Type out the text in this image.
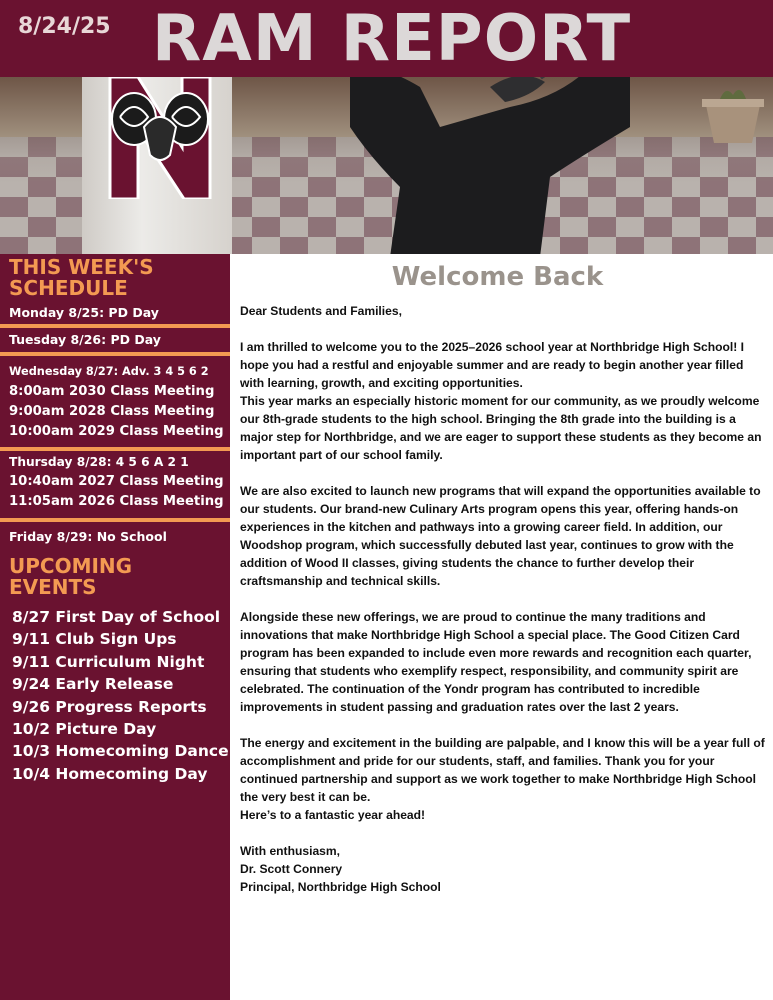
8/24/25 RAM REPORT
THIS WEEK'S
SCHEDULE
Monday 8/25: PD Day
Tuesday 8/26: PD Day
Wednesday 8/27: Adv. 3 4 5 6 2
8:00am 2030 Class Meeting
9:00am 2028 Class Meeting
10:00am 2029 Class Meeting
Thursday 8/28: 4 5 6 A 2 1
10:40am 2027 Class Meeting
11:05am 2026 Class Meeting
Friday 8/29: No School
UPCOMING
EVENTS
8/27 First Day of School
9/11 Club Sign Ups
9/11 Curriculum Night
9/24 Early Release
9/26 Progress Reports
10/2 Picture Day
10/3 Homecoming Dance
10/4 Homecoming Day
Welcome Back

Dear Students and Families,

I am thrilled to welcome you to the 2025–2026 school year at Northbridge High School! I hope you had a restful and enjoyable summer and are ready to begin another year filled with learning, growth, and exciting opportunities.

This year marks an especially historic moment for our community, as we proudly welcome our 8th-grade students to the high school. Bringing the 8th grade into the building is a major step for Northbridge, and we are eager to support these students as they become an important part of our school family.

We are also excited to launch new programs that will expand the opportunities available to our students. Our brand-new Culinary Arts program opens this year, offering hands-on experiences in the kitchen and pathways into a growing career field. In addition, our Woodshop program, which successfully debuted last year, continues to grow with the addition of Wood II classes, giving students the chance to further develop their craftsmanship and technical skills.

Alongside these new offerings, we are proud to continue the many traditions and innovations that make Northbridge High School a special place. The Good Citizen Card program has been expanded to include even more rewards and recognition each quarter, ensuring that students who exemplify respect, responsibility, and community spirit are celebrated. The continuation of the Yondr program has contributed to incredible improvements in student passing and graduation rates over the last 2 years.

The energy and excitement in the building are palpable, and I know this will be a year full of accomplishment and pride for our students, staff, and families. Thank you for your continued partnership and support as we work together to make Northbridge High School the very best it can be.

Here’s to a fantastic year ahead!

With enthusiasm,

Dr. Scott Connery

Principal, Northbridge High School
